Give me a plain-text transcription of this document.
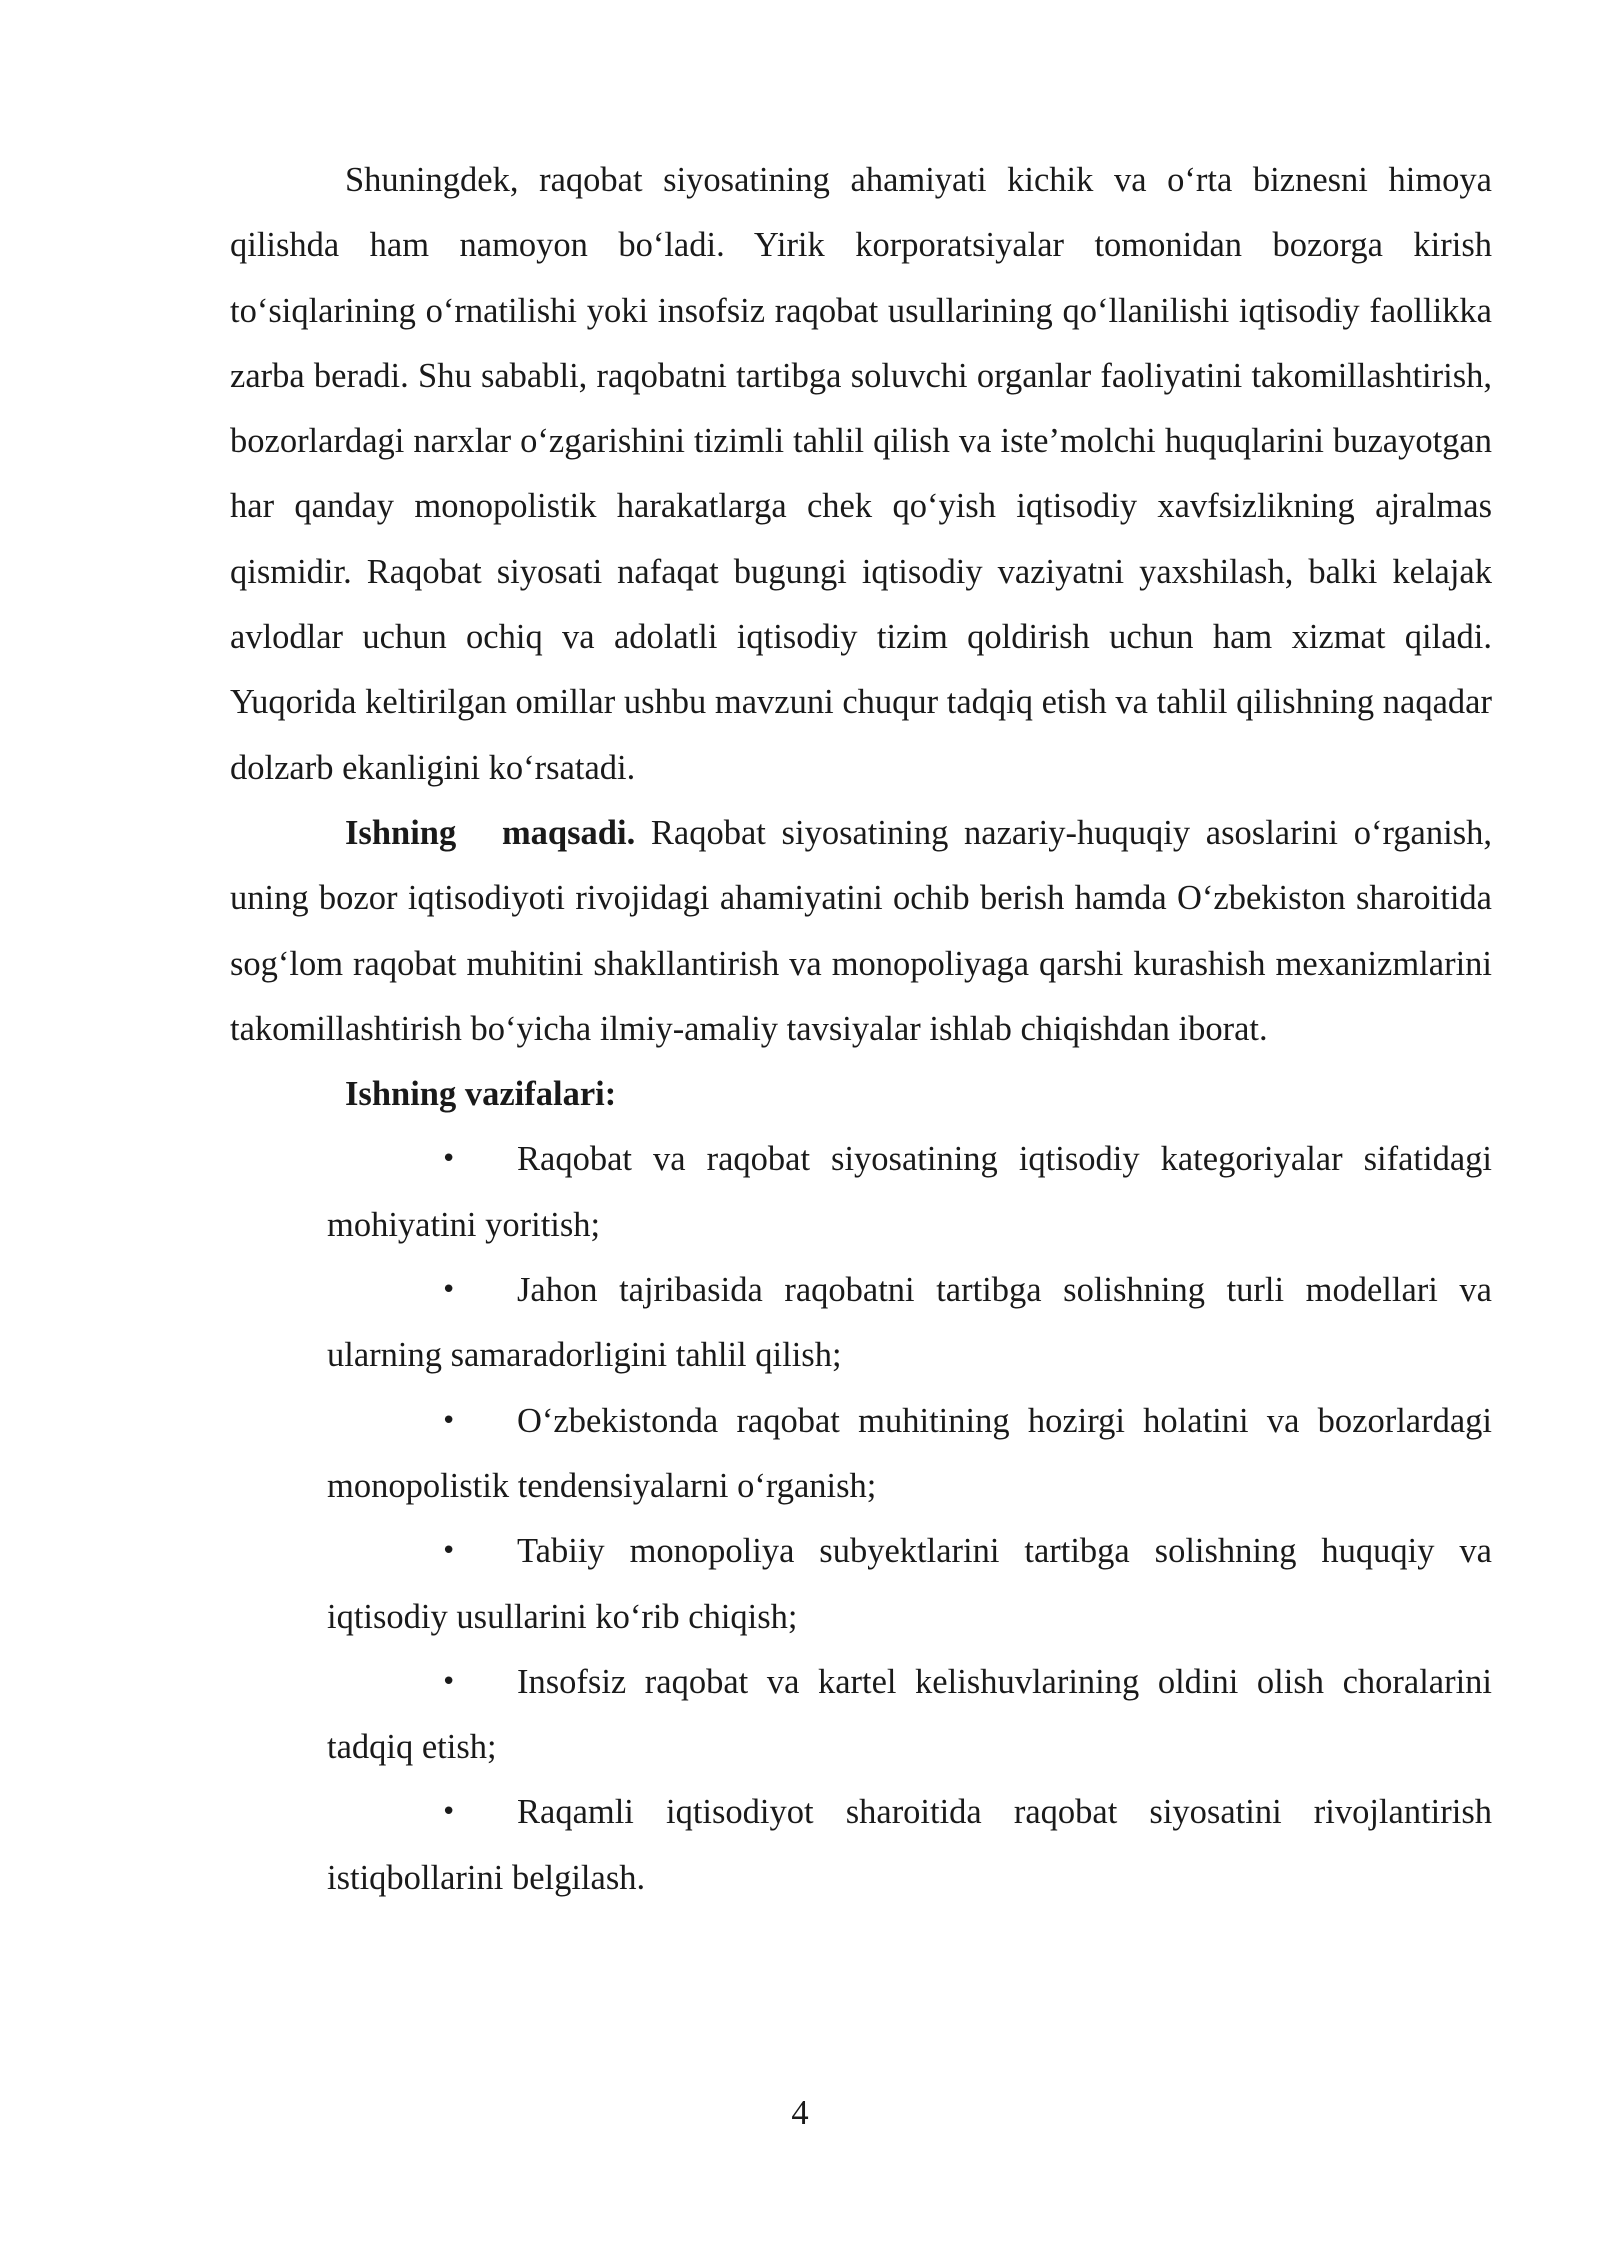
Shuningdek, raqobat siyosatining ahamiyati kichik va o‘rta biznesni himoya qilishda ham namoyon bo‘ladi. Yirik korporatsiyalar tomonidan bozorga kirish to‘siqlarining o‘rnatilishi yoki insofsiz raqobat usullarining qo‘llanilishi iqtisodiy faollikka zarba beradi. Shu sababli, raqobatni tartibga soluvchi organlar faoliyatini takomillashtirish, bozorlardagi narxlar o‘zgarishini tizimli tahlil qilish va iste’molchi huquqlarini buzayotgan har qanday monopolistik harakatlarga chek qo‘yish iqtisodiy xavfsizlikning ajralmas qismidir. Raqobat siyosati nafaqat bugungi iqtisodiy vaziyatni yaxshilash, balki kelajak avlodlar uchun ochiq va adolatli iqtisodiy tizim qoldirish uchun ham xizmat qiladi. Yuqorida keltirilgan omillar ushbu mavzuni chuqur tadqiq etish va tahlil qilishning naqadar dolzarb ekanligini ko‘rsatadi.

Ishning maqsadi. Raqobat siyosatining nazariy-huquqiy asoslarini o‘rganish, uning bozor iqtisodiyoti rivojidagi ahamiyatini ochib berish hamda O‘zbekiston sharoitida sog‘lom raqobat muhitini shakllantirish va monopoliyaga qarshi kurashish mexanizmlarini takomillashtirish bo‘yicha ilmiy-amaliy tavsiyalar ishlab chiqishdan iborat.

Ishning vazifalari:

• Raqobat va raqobat siyosatining iqtisodiy kategoriyalar sifatidagi mohiyatini yoritish;
• Jahon tajribasida raqobatni tartibga solishning turli modellari va ularning samaradorligini tahlil qilish;
• O‘zbekistonda raqobat muhitining hozirgi holatini va bozorlardagi monopolistik tendensiyalarni o‘rganish;
• Tabiiy monopoliya subyektlarini tartibga solishning huquqiy va iqtisodiy usullarini ko‘rib chiqish;
• Insofsiz raqobat va kartel kelishuvlarining oldini olish choralarini tadqiq etish;
• Raqamli iqtisodiyot sharoitida raqobat siyosatini rivojlantirish istiqbollarini belgilash.
4
